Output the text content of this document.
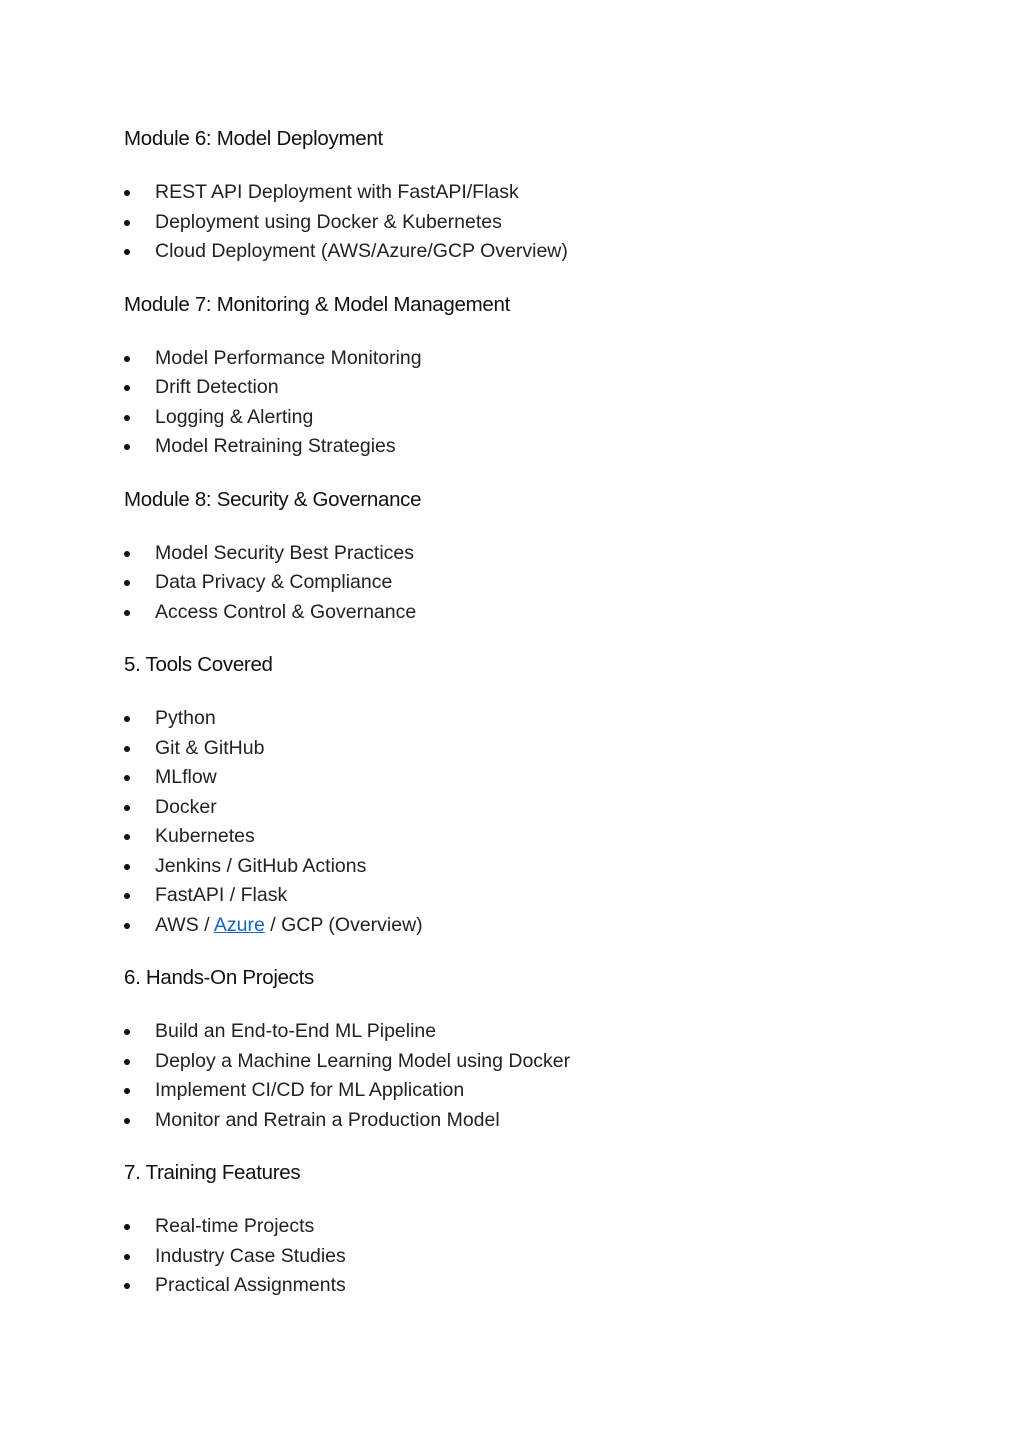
Module 6: Model Deployment
REST API Deployment with FastAPI/Flask
Deployment using Docker & Kubernetes
Cloud Deployment (AWS/Azure/GCP Overview)
Module 7: Monitoring & Model Management
Model Performance Monitoring
Drift Detection
Logging & Alerting
Model Retraining Strategies
Module 8: Security & Governance
Model Security Best Practices
Data Privacy & Compliance
Access Control & Governance
5. Tools Covered
Python
Git & GitHub
MLflow
Docker
Kubernetes
Jenkins / GitHub Actions
FastAPI / Flask
AWS / Azure / GCP (Overview)
6. Hands-On Projects
Build an End-to-End ML Pipeline
Deploy a Machine Learning Model using Docker
Implement CI/CD for ML Application
Monitor and Retrain a Production Model
7. Training Features
Real-time Projects
Industry Case Studies
Practical Assignments
